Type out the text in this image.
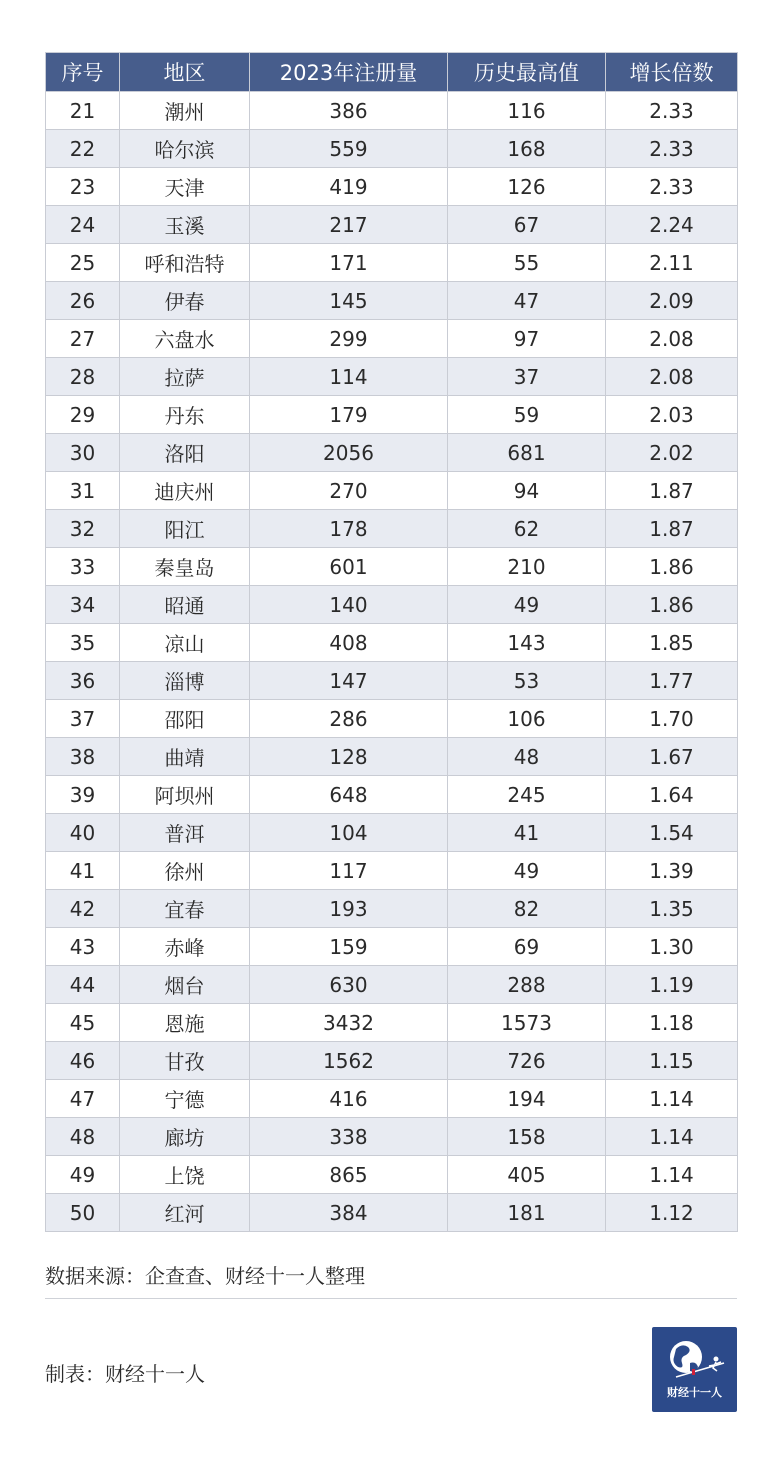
序号	地区	2023年注册量	历史最高值	增长倍数
21	潮州	386	116	2.33
22	哈尔滨	559	168	2.33
23	天津	419	126	2.33
24	玉溪	217	67	2.24
25	呼和浩特	171	55	2.11
26	伊春	145	47	2.09
27	六盘水	299	97	2.08
28	拉萨	114	37	2.08
29	丹东	179	59	2.03
30	洛阳	2056	681	2.02
31	迪庆州	270	94	1.87
32	阳江	178	62	1.87
33	秦皇岛	601	210	1.86
34	昭通	140	49	1.86
35	凉山	408	143	1.85
36	淄博	147	53	1.77
37	邵阳	286	106	1.70
38	曲靖	128	48	1.67
39	阿坝州	648	245	1.64
40	普洱	104	41	1.54
41	徐州	117	49	1.39
42	宜春	193	82	1.35
43	赤峰	159	69	1.30
44	烟台	630	288	1.19
45	恩施	3432	1573	1.18
46	甘孜	1562	726	1.15
47	宁德	416	194	1.14
48	廊坊	338	158	1.14
49	上饶	865	405	1.14
50	红河	384	181	1.12
数据来源：企查查、财经十一人整理
制表：财经十一人
财经十一人
